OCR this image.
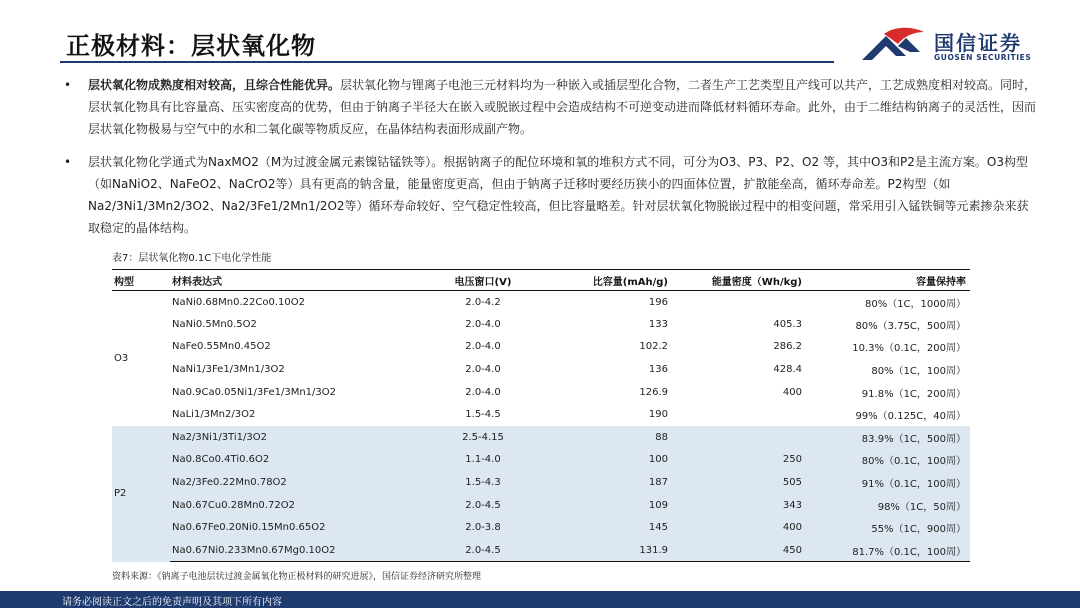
正极材料：层状氧化物	国信证券
GUOSEN SECURITIES
• 层状氧化物成熟度相对较高，且综合性能优异。层状氧化物与锂离子电池三元材料均为一种嵌入或插层型化合物，二者生产工艺类型且产线可以共产，工艺成熟度相对较高。同时，层状氧化物具有比容量高、压实密度高的优势，但由于钠离子半径大在嵌入或脱嵌过程中会造成结构不可逆变动进而降低材料循环寿命。此外，由于二维结构钠离子的灵活性，因而层状氧化物极易与空气中的水和二氧化碳等物质反应，在晶体结构表面形成副产物。
• 层状氧化物化学通式为NaxMO2（M为过渡金属元素镍钴锰铁等）。根据钠离子的配位环境和氧的堆积方式不同，可分为O3、P3、P2、O2 等，其中O3和P2是主流方案。O3构型（如NaNiO2、NaFeO2、NaCrO2等）具有更高的钠含量，能量密度更高，但由于钠离子迁移时要经历狭小的四面体位置，扩散能垒高，循环寿命差。P2构型（如Na2/3Ni1/3Mn2/3O2、Na2/3Fe1/2Mn1/2O2等）循环寿命较好、空气稳定性较高，但比容量略差。针对层状氧化物脱嵌过程中的相变问题，常采用引入锰铁铜等元素掺杂来获取稳定的晶体结构。
表7：层状氧化物0.1C下电化学性能
构型	材料表达式	电压窗口(V)	比容量(mAh/g)	能量密度（Wh/kg)	容量保持率
O3	NaNi0.68Mn0.22Co0.10O2	2.0-4.2	196		80%（1C，1000周）
	NaNi0.5Mn0.5O2	2.0-4.0	133	405.3	80%（3.75C，500周）
	NaFe0.55Mn0.45O2	2.0-4.0	102.2	286.2	10.3%（0.1C，200周）
	NaNi1/3Fe1/3Mn1/3O2	2.0-4.0	136	428.4	80%（1C，100周）
	Na0.9Ca0.05Ni1/3Fe1/3Mn1/3O2	2.0-4.0	126.9	400	91.8%（1C，200周）
	NaLi1/3Mn2/3O2	1.5-4.5	190		99%（0.125C，40周）
P2	Na2/3Ni1/3Ti1/3O2	2.5-4.15	88		83.9%（1C，500周）
	Na0.8Co0.4Ti0.6O2	1.1-4.0	100	250	80%（0.1C，100周）
	Na2/3Fe0.22Mn0.78O2	1.5-4.3	187	505	91%（0.1C，100周）
	Na0.67Cu0.28Mn0.72O2	2.0-4.5	109	343	98%（1C，50周）
	Na0.67Fe0.20Ni0.15Mn0.65O2	2.0-3.8	145	400	55%（1C，900周）
	Na0.67Ni0.233Mn0.67Mg0.10O2	2.0-4.5	131.9	450	81.7%（0.1C，100周）
资料来源：《钠离子电池层状过渡金属氧化物正极材料的研究进展》，国信证券经济研究所整理
请务必阅读正文之后的免责声明及其项下所有内容
